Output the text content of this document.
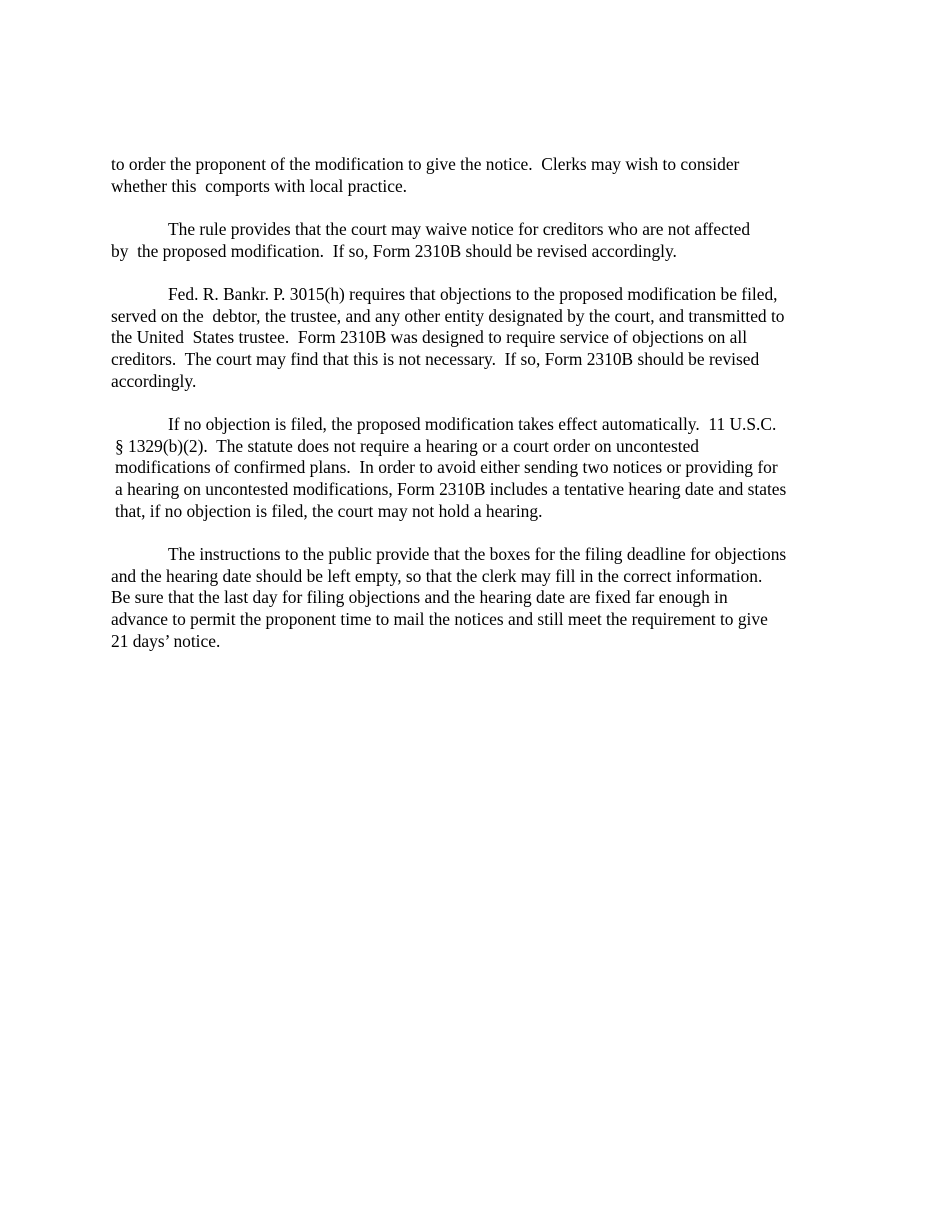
to order the proponent of the modification to give the notice.  Clerks may wish to consider
whether this  comports with local practice.

The rule provides that the court may waive notice for creditors who are not affected
by  the proposed modification.  If so, Form 2310B should be revised accordingly.

Fed. R. Bankr. P. 3015(h) requires that objections to the proposed modification be filed,
served on the  debtor, the trustee, and any other entity designated by the court, and transmitted to
the United  States trustee.  Form 2310B was designed to require service of objections on all
creditors.  The court may find that this is not necessary.  If so, Form 2310B should be revised
accordingly.

If no objection is filed, the proposed modification takes effect automatically.  11 U.S.C.
§ 1329(b)(2).  The statute does not require a hearing or a court order on uncontested
modifications of confirmed plans.  In order to avoid either sending two notices or providing for
a hearing on uncontested modifications, Form 2310B includes a tentative hearing date and states
that, if no objection is filed, the court may not hold a hearing.

The instructions to the public provide that the boxes for the filing deadline for objections
and the hearing date should be left empty, so that the clerk may fill in the correct information.
Be sure that the last day for filing objections and the hearing date are fixed far enough in
advance to permit the proponent time to mail the notices and still meet the requirement to give
21 days’ notice.
